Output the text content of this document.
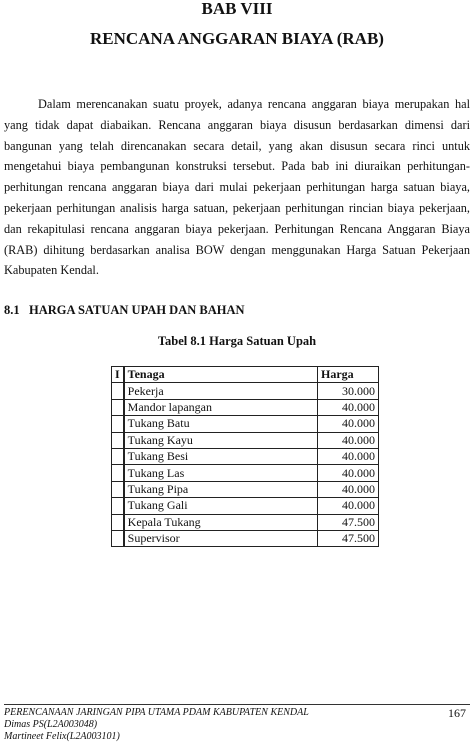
BAB VIII
RENCANA ANGGARAN BIAYA (RAB)

Dalam merencanakan suatu proyek, adanya rencana anggaran biaya merupakan hal yang tidak dapat diabaikan. Rencana anggaran biaya disusun berdasarkan dimensi dari bangunan yang telah direncanakan secara detail, yang akan disusun secara rinci untuk mengetahui biaya pembangunan konstruksi tersebut. Pada bab ini diuraikan perhitungan-perhitungan rencana anggaran biaya dari mulai pekerjaan perhitungan harga satuan biaya, pekerjaan perhitungan analisis harga satuan, pekerjaan perhitungan rincian biaya pekerjaan, dan rekapitulasi rencana anggaran biaya pekerjaan. Perhitungan Rencana Anggaran Biaya (RAB) dihitung berdasarkan analisa BOW dengan menggunakan Harga Satuan Pekerjaan Kabupaten Kendal.

8.1 HARGA SATUAN UPAH DAN BAHAN
Tabel 8.1 Harga Satuan Upah
I	Tenaga	Harga
	Pekerja	30.000
	Mandor lapangan	40.000
	Tukang Batu	40.000
	Tukang Kayu	40.000
	Tukang Besi	40.000
	Tukang Las	40.000
	Tukang Pipa	40.000
	Tukang Gali	40.000
	Kepala Tukang	47.500
	Supervisor	47.500
PERENCANAAN JARINGAN PIPA UTAMA PDAM KABUPATEN KENDAL
Dimas PS(L2A003048)
Martineet Felix(L2A003101)
167
